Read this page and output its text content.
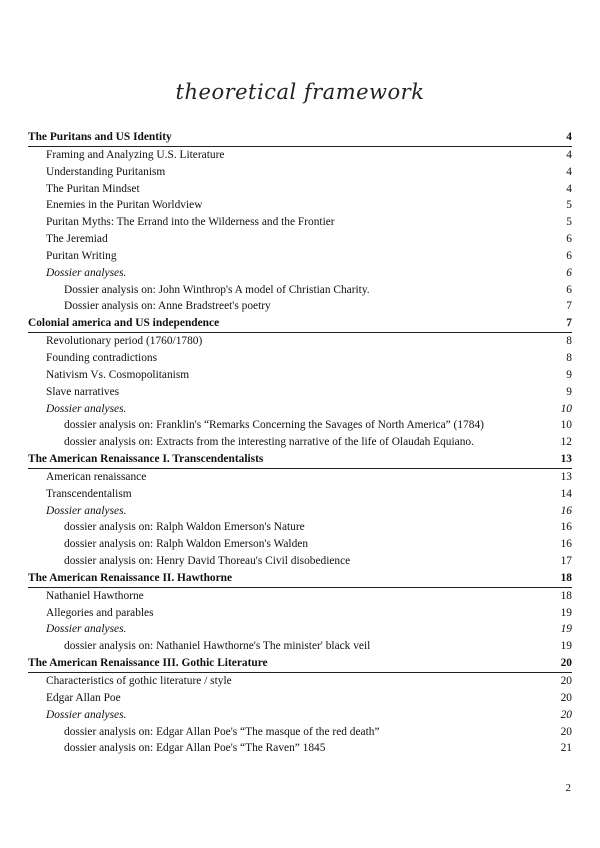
theoretical framework
The Puritans and US Identity	4
Framing and Analyzing U.S. Literature	4
Understanding Puritanism	4
The Puritan Mindset	4
Enemies in the Puritan Worldview	5
Puritan Myths: The Errand into the Wilderness and the Frontier	5
The Jeremiad	6
Puritan Writing	6
Dossier analyses.	6
Dossier analysis on: John Winthrop's A model of Christian Charity.	6
Dossier analysis on: Anne Bradstreet's poetry	7
Colonial america and US independence	7
Revolutionary period (1760/1780)	8
Founding contradictions	8
Nativism Vs. Cosmopolitanism	9
Slave narratives	9
Dossier analyses.	10
dossier analysis on: Franklin's “Remarks Concerning the Savages of North America” (1784)	10
dossier analysis on: Extracts from the interesting narrative of the life of Olaudah Equiano.	12
The American Renaissance I. Transcendentalists	13
American renaissance	13
Transcendentalism	14
Dossier analyses.	16
dossier analysis on: Ralph Waldon Emerson's Nature	16
dossier analysis on: Ralph Waldon Emerson's Walden	16
dossier analysis on: Henry David Thoreau's Civil disobedience	17
The American Renaissance II. Hawthorne	18
Nathaniel Hawthorne	18
Allegories and parables	19
Dossier analyses.	19
dossier analysis on: Nathaniel Hawthorne's The minister' black veil	19
The American Renaissance III. Gothic Literature	20
Characteristics of gothic literature / style	20
Edgar Allan Poe	20
Dossier analyses.	20
dossier analysis on: Edgar Allan Poe's “The masque of the red death”	20
dossier analysis on: Edgar Allan Poe's “The Raven” 1845	21
2
